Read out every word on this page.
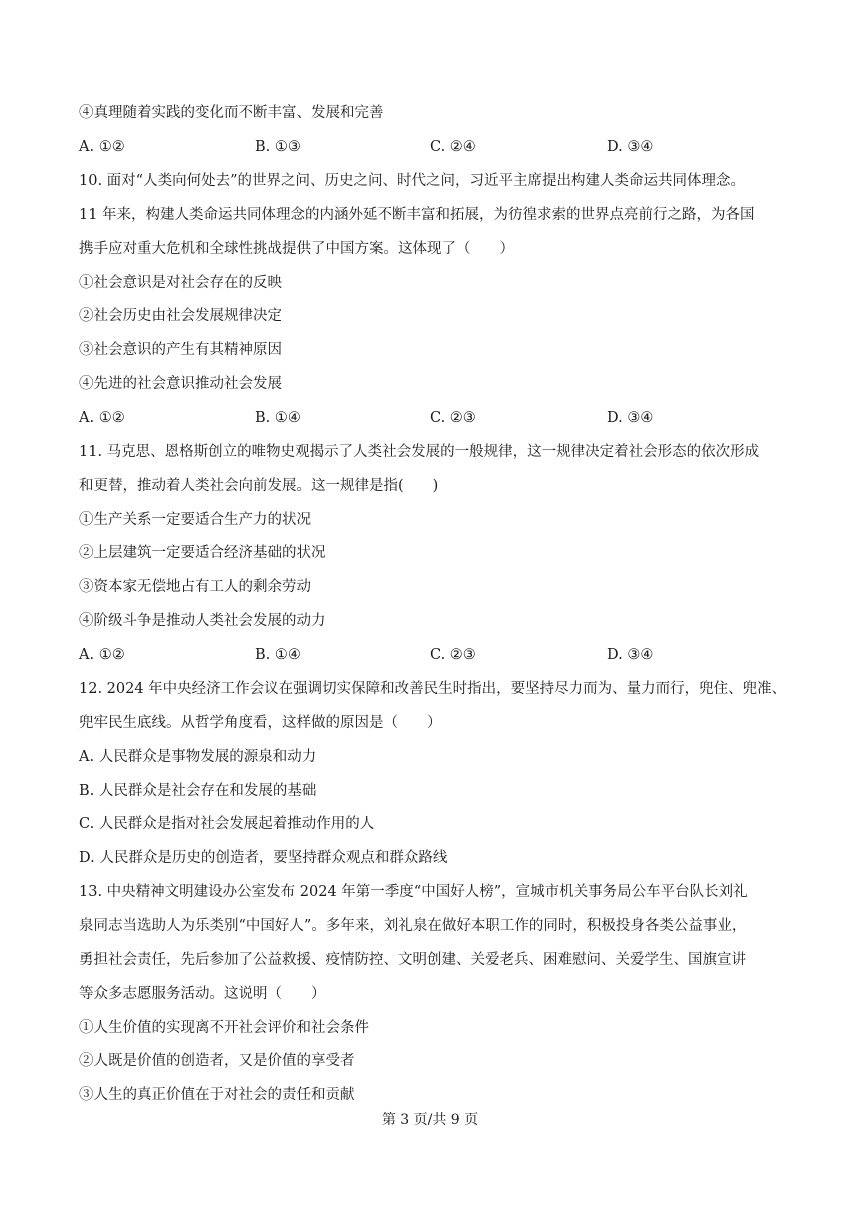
④真理随着实践的变化而不断丰富、发展和完善
A. ①②	B. ①③	C. ②④	D. ③④
10. 面对“人类向何处去”的世界之问、历史之问、时代之问，习近平主席提出构建人类命运共同体理念。
11 年来，构建人类命运共同体理念的内涵外延不断丰富和拓展，为彷徨求索的世界点亮前行之路，为各国
携手应对重大危机和全球性挑战提供了中国方案。这体现了（　　）
①社会意识是对社会存在的反映
②社会历史由社会发展规律决定
③社会意识的产生有其精神原因
④先进的社会意识推动社会发展
A. ①②	B. ①④	C. ②③	D. ③④
11. 马克思、恩格斯创立的唯物史观揭示了人类社会发展的一般规律，这一规律决定着社会形态的依次形成
和更替，推动着人类社会向前发展。这一规律是指(　　)
①生产关系一定要适合生产力的状况
②上层建筑一定要适合经济基础的状况
③资本家无偿地占有工人的剩余劳动
④阶级斗争是推动人类社会发展的动力
A. ①②	B. ①④	C. ②③	D. ③④
12. 2024 年中央经济工作会议在强调切实保障和改善民生时指出，要坚持尽力而为、量力而行，兜住、兜准、
兜牢民生底线。从哲学角度看，这样做的原因是（　　）
A. 人民群众是事物发展的源泉和动力
B. 人民群众是社会存在和发展的基础
C. 人民群众是指对社会发展起着推动作用的人
D. 人民群众是历史的创造者，要坚持群众观点和群众路线
13. 中央精神文明建设办公室发布 2024 年第一季度“中国好人榜”，宣城市机关事务局公车平台队长刘礼
泉同志当选助人为乐类别“中国好人”。多年来，刘礼泉在做好本职工作的同时，积极投身各类公益事业，
勇担社会责任，先后参加了公益救援、疫情防控、文明创建、关爱老兵、困难慰问、关爱学生、国旗宣讲
等众多志愿服务活动。这说明（　　）
①人生价值的实现离不开社会评价和社会条件
②人既是价值的创造者，又是价值的享受者
③人生的真正价值在于对社会的责任和贡献
第 3 页/共 9 页
